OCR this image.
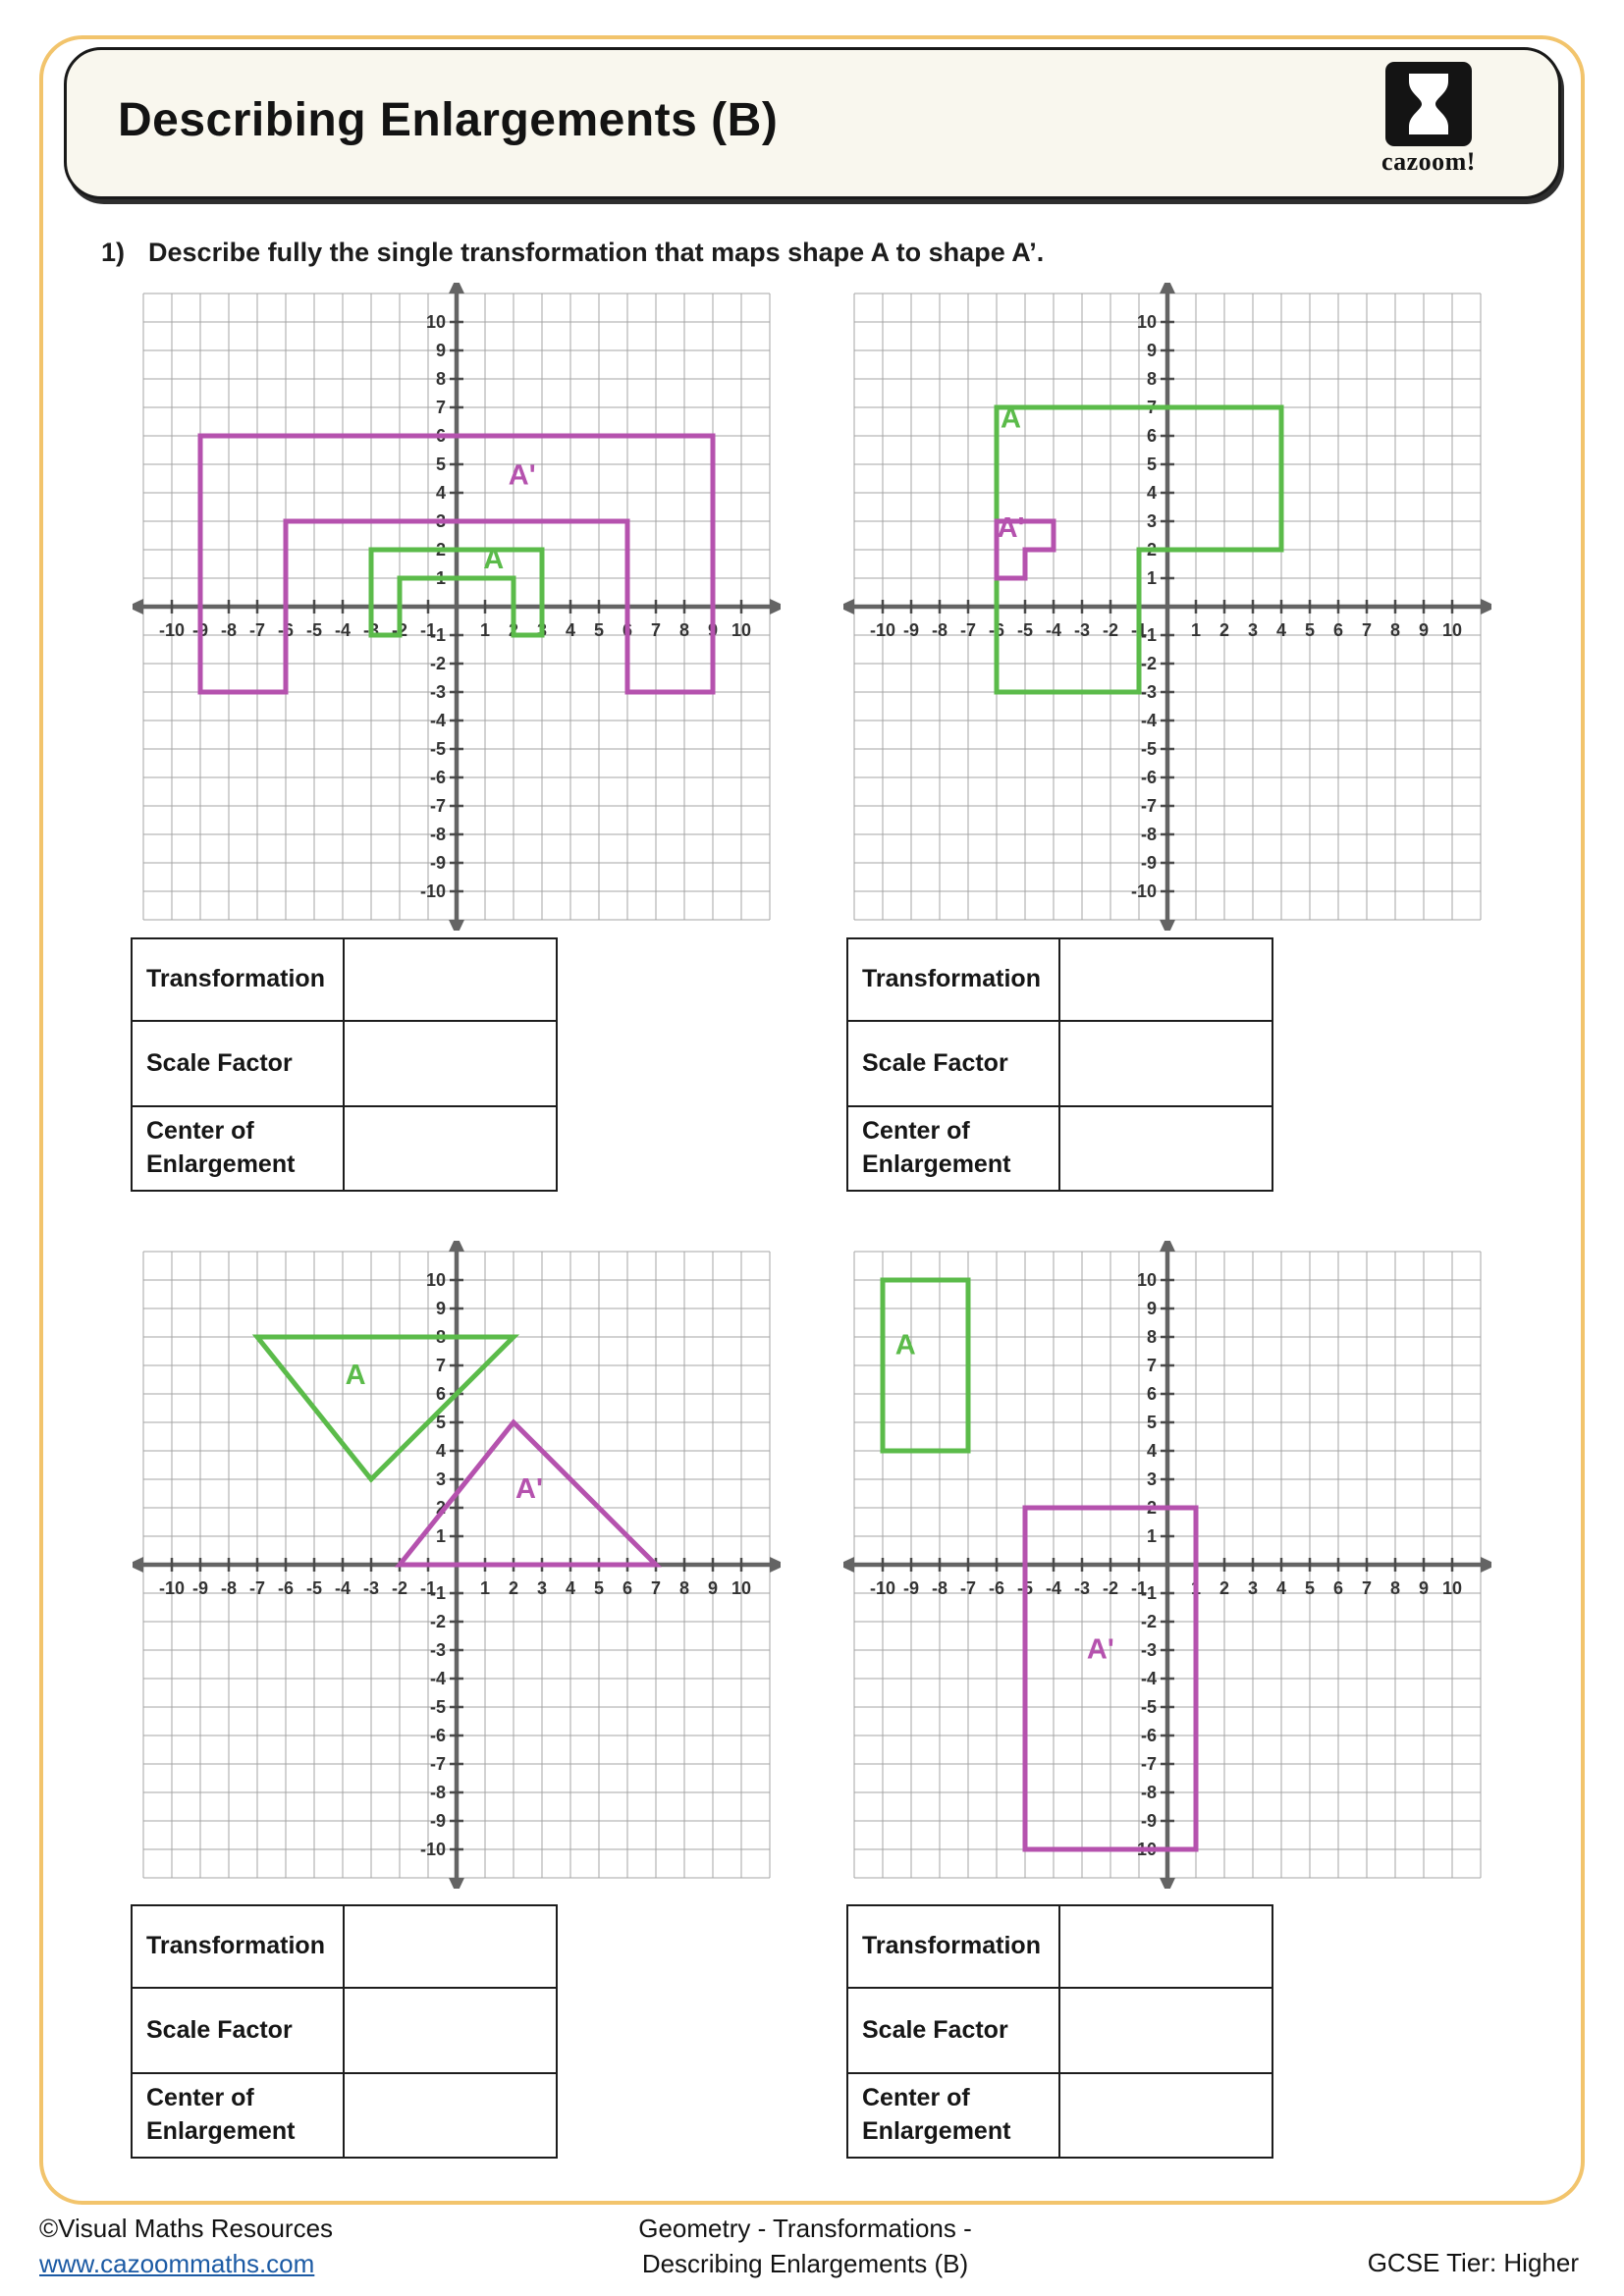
Describing Enlargements (B)
cazoom!
1) Describe fully the single transformation that maps shape A to shape A’.
-10
-10
-9
-9
-8
-8
-7
-7
-6
-6
-5
-5
-4
-4
-3
-3
-2
-2
-1
-1 1
1
2
2
3
3
4
4
5
5
6
6
7
7
8
8
9
9
10
10
A
A'
-10
-10
-9
-9
-8
-8
-7
-7
-6
-6
-5
-5
-4
-4
-3
-3
-2
-2
-1
-1 1
1
2
2
3
3
4
4
5
5
6
6
7
7
8
8
9
9
10
10
A
A'
-10
-10
-9
-9
-8
-8
-7
-7
-6
-6
-5
-5
-4
-4
-3
-3
-2
-2
-1
-1 1
1
2
2
3
3
4
4
5
5
6
6
7
7
8
8
9
9
10
10
A
A'
-10
-10
-9
-9
-8
-8
-7
-7
-6
-6
-5
-5
-4
-4
-3
-3
-2
-2
-1
-1 1
1
2
2
3
3
4
4
5
5
6
6
7
7
8
8
9
9
10
10
A
A'
Transformation
Scale Factor
Center of Enlargement
Transformation
Scale Factor
Center of Enlargement
Transformation
Scale Factor
Center of Enlargement
Transformation
Scale Factor
Center of Enlargement
©Visual Maths Resources
www.cazoommaths.com
Geometry - Transformations -
Describing Enlargements (B)	GCSE Tier: Higher
